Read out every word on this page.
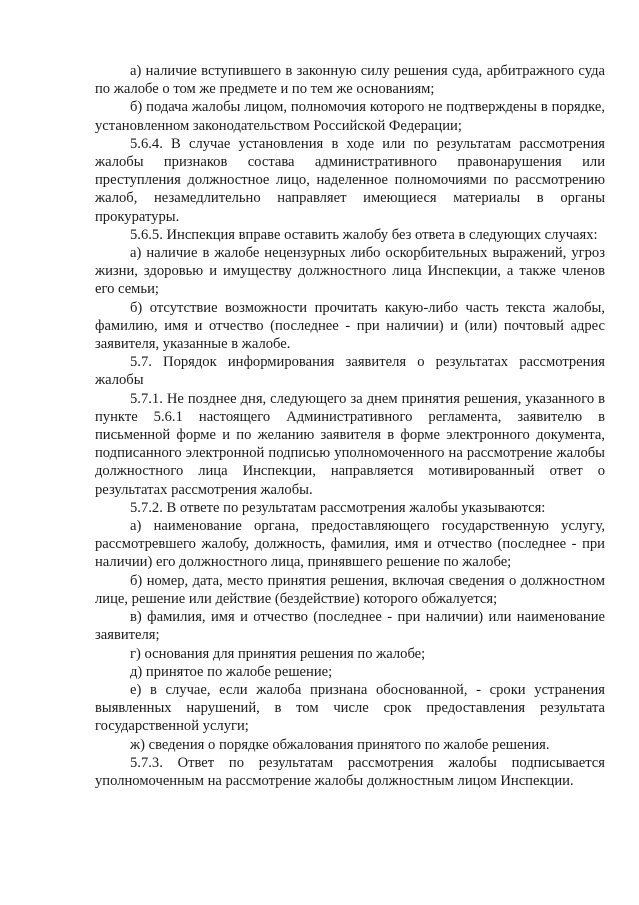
а) наличие вступившего в законную силу решения суда, арбитражного суда по жалобе о том же предмете и по тем же основаниям;

б) подача жалобы лицом, полномочия которого не подтверждены в порядке, установленном законодательством Российской Федерации;

5.6.4. В случае установления в ходе или по результатам рассмотрения жалобы признаков состава административного правонарушения или преступления должностное лицо, наделенное полномочиями по рассмотрению жалоб, незамедлительно направляет имеющиеся материалы в органы прокуратуры.

5.6.5. Инспекция вправе оставить жалобу без ответа в следующих случаях:

а) наличие в жалобе нецензурных либо оскорбительных выражений, угроз жизни, здоровью и имуществу должностного лица Инспекции, а также членов его семьи;

б) отсутствие возможности прочитать какую-либо часть текста жалобы, фамилию, имя и отчество (последнее - при наличии) и (или) почтовый адрес заявителя, указанные в жалобе.

5.7. Порядок информирования заявителя о результатах рассмотрения жалобы

5.7.1. Не позднее дня, следующего за днем принятия решения, указанного в пункте 5.6.1 настоящего Административного регламента, заявителю в письменной форме и по желанию заявителя в форме электронного документа, подписанного электронной подписью уполномоченного на рассмотрение жалобы должностного лица Инспекции, направляется мотивированный ответ о результатах рассмотрения жалобы.

5.7.2. В ответе по результатам рассмотрения жалобы указываются:

а) наименование органа, предоставляющего государственную услугу, рассмотревшего жалобу, должность, фамилия, имя и отчество (последнее - при наличии) его должностного лица, принявшего решение по жалобе;

б) номер, дата, место принятия решения, включая сведения о должностном лице, решение или действие (бездействие) которого обжалуется;

в) фамилия, имя и отчество (последнее - при наличии) или наименование заявителя;

г) основания для принятия решения по жалобе;

д) принятое по жалобе решение;

е) в случае, если жалоба признана обоснованной, - сроки устранения выявленных нарушений, в том числе срок предоставления результата государственной услуги;

ж) сведения о порядке обжалования принятого по жалобе решения.

5.7.3. Ответ по результатам рассмотрения жалобы подписывается уполномоченным на рассмотрение жалобы должностным лицом Инспекции.
